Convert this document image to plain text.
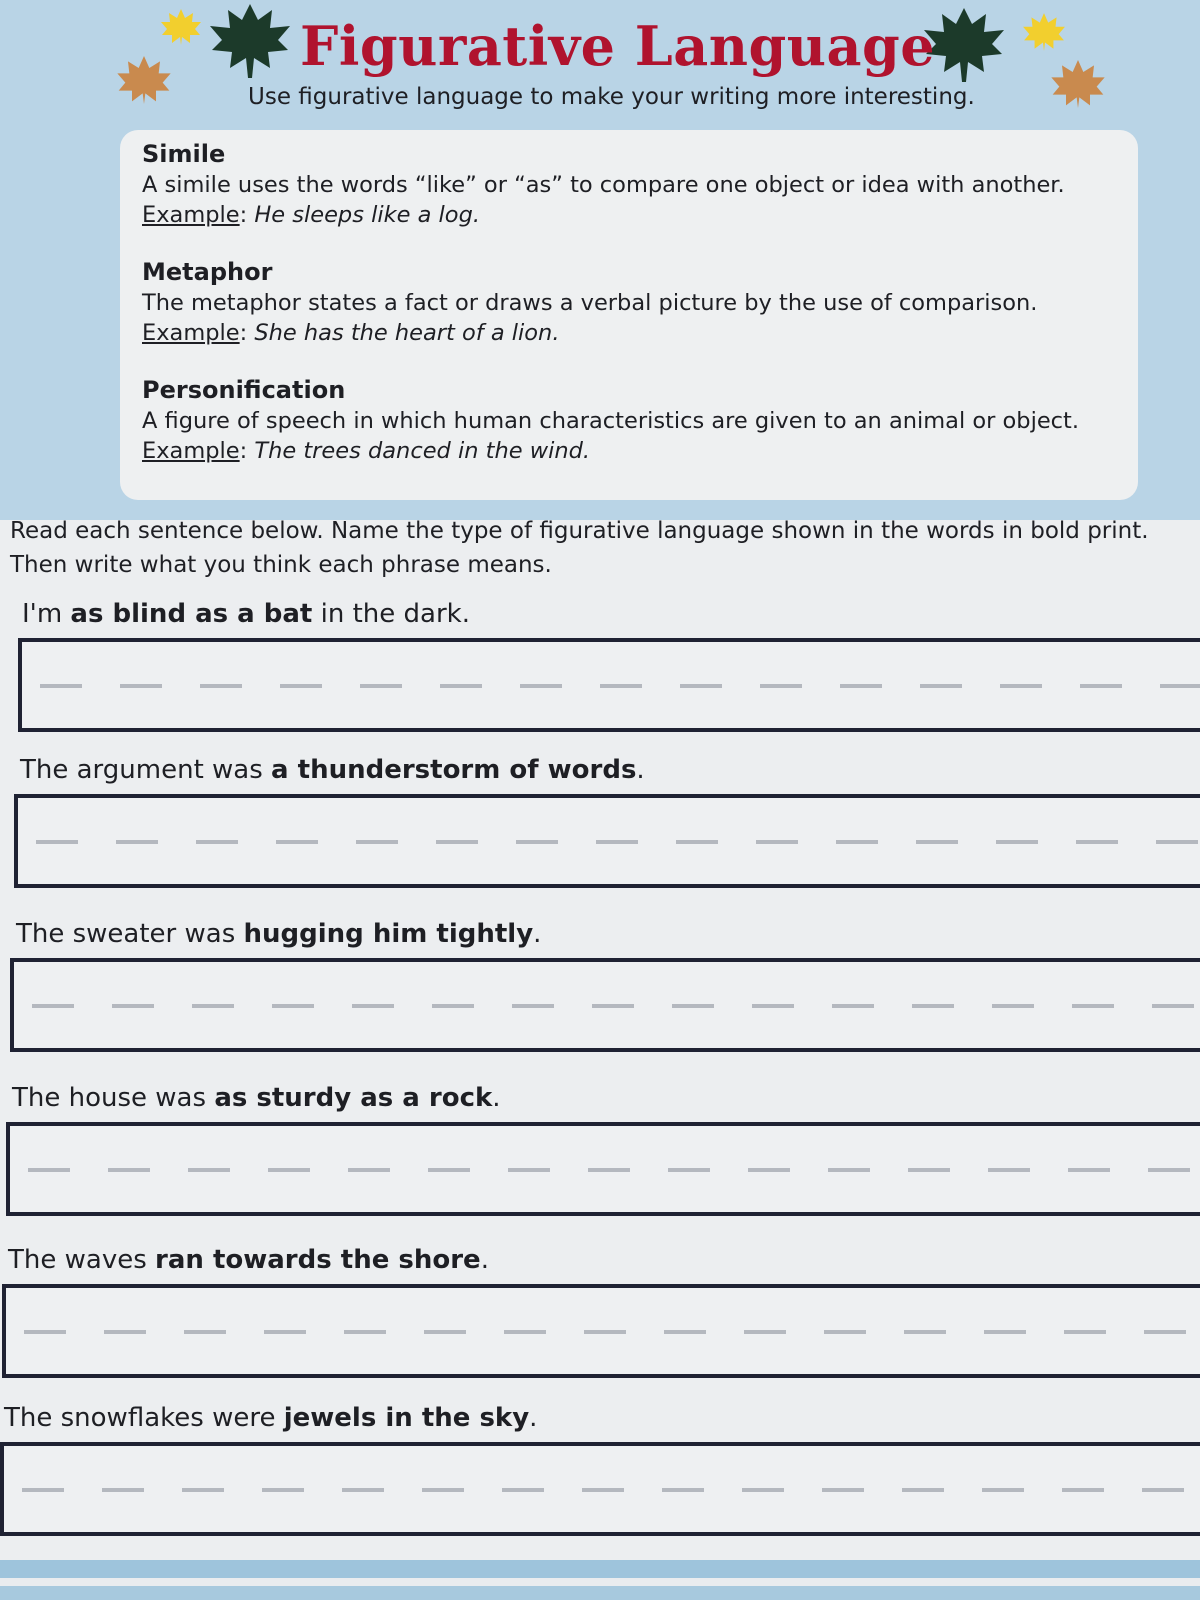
Figurative Language
Use figurative language to make your writing more interesting.
Simile
A simile uses the words “like” or “as” to compare one object or idea with another.
Example: He sleeps like a log.
Metaphor
The metaphor states a fact or draws a verbal picture by the use of comparison.
Example: She has the heart of a lion.
Personification
A figure of speech in which human characteristics are given to an animal or object.
Example: The trees danced in the wind.
Read each sentence below. Name the type of figurative language shown in the words in bold print.
Then write what you think each phrase means.
I'm as blind as a bat in the dark.
The argument was a thunderstorm of words.
The sweater was hugging him tightly.
The house was as sturdy as a rock.
The waves ran towards the shore.
The snowflakes were jewels in the sky.
